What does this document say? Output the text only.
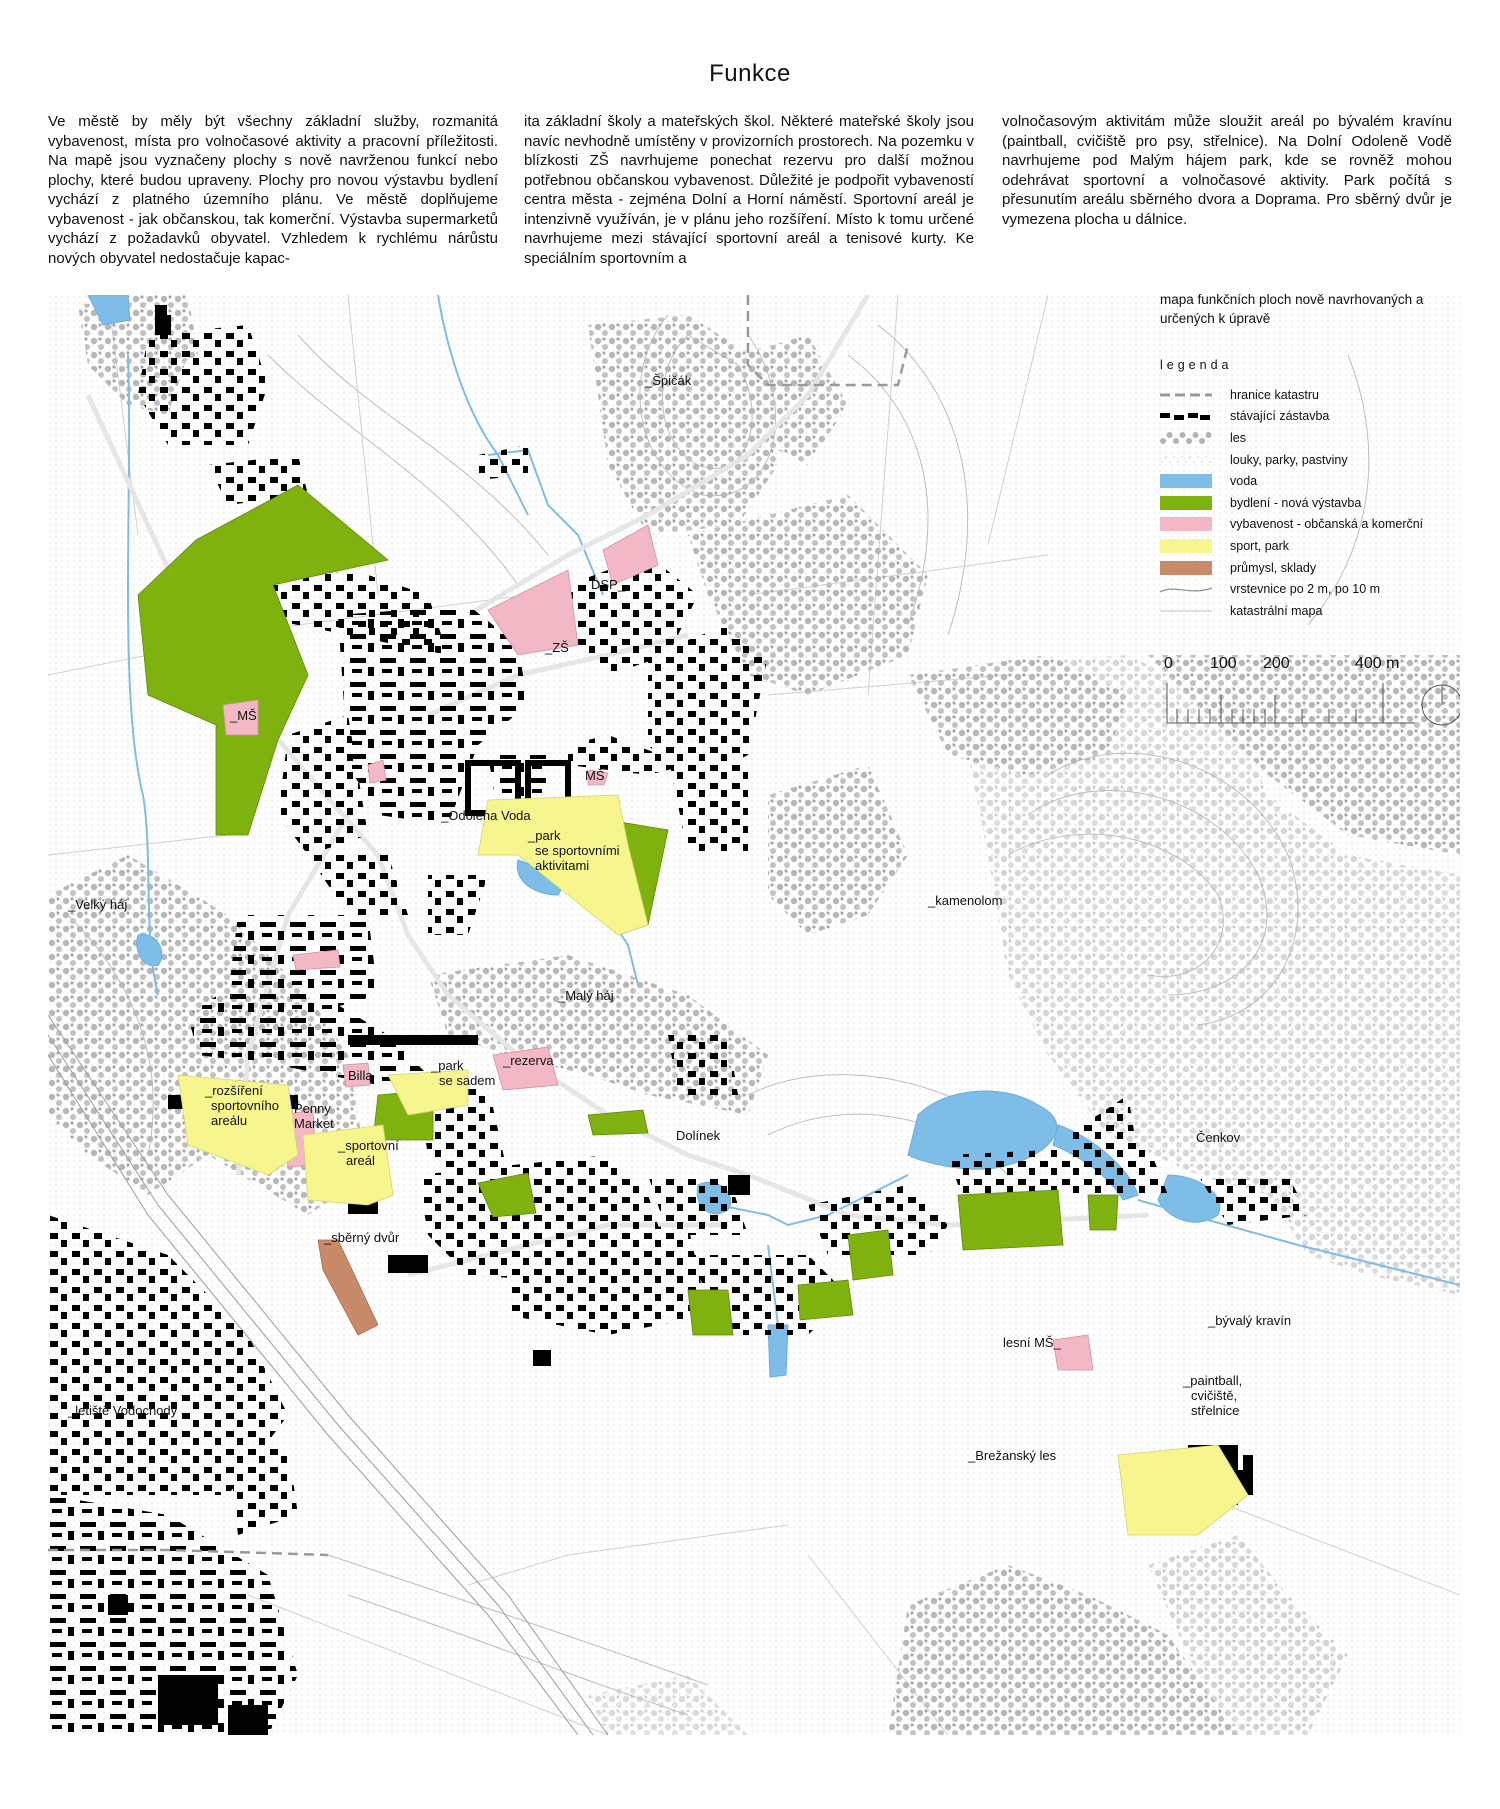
Funkce
Ve městě by měly být všechny základní služby, rozmanitá vybavenost, místa pro volnočasové aktivity a pracovní příležitosti. Na mapě jsou vyznačeny plochy s nově navrženou funkcí nebo plochy, které budou upraveny. Plochy pro novou výstavbu bydlení vychází z platného územního plánu. Ve městě doplňujeme vybavenost - jak občanskou, tak komerční. Výstavba supermarketů vychází z požadavků obyvatel. Vzhledem k rychlému nárůstu nových obyvatel nedostačuje kapac-
ita základní školy a mateřských škol. Některé mateřské školy jsou navíc nevhodně umístěny v provizorních prostorech. Na pozemku v blízkosti ZŠ navrhujeme ponechat rezervu pro další možnou potřebnou občanskou vybavenost. Důležité je podpořit vybaveností centra města - zejména Dolní a Horní náměstí. Sportovní areál je intenzivně využíván, je v plánu jeho rozšíření. Místo k tomu určené navrhujeme mezi stávající sportovní areál a tenisové kurty. Ke speciálním sportovním a
volnočasovým aktivitám může sloužit areál po bývalém kravínu (paintball, cvičiště pro psy, střelnice). Na Dolní Odoleně Vodě navrhujeme pod Malým hájem park, kde se rovněž mohou odehrávat sportovní a volnočasové aktivity. Park počítá s přesunutím areálu sběrného dvora a Doprama. Pro sběrný dvůr je vymezena plocha u dálnice.
_Špičák
DSP_
_ZŠ
_MŠ
MŠ
_Odolena Voda
_park
se sportovními
aktivitami
_Velký háj	_kamenolom
_Malý háj
Billa
_park
se sadem
_rezerva
_rozšíření
sportovního
areálu
Penny
Market
_sportovní
areál
Dolínek	Čenkov
_sběrný dvůr
_bývalý kravín
lesní MŠ_
_paintball,
cvičiště,
střelnice
_letiště Vodochody
_Brežanský les
mapa funkčních ploch nově navrhovaných a určených k úpravě
legenda
hranice katastru
stávající zástavba
les
louky, parky, pastviny
voda
bydlení - nová výstavba
vybavenost - občanská a komerční
sport, park
průmysl, sklady
vrstevnice po 2 m, po 10 m
katastrální mapa
0 100 200	400 m
